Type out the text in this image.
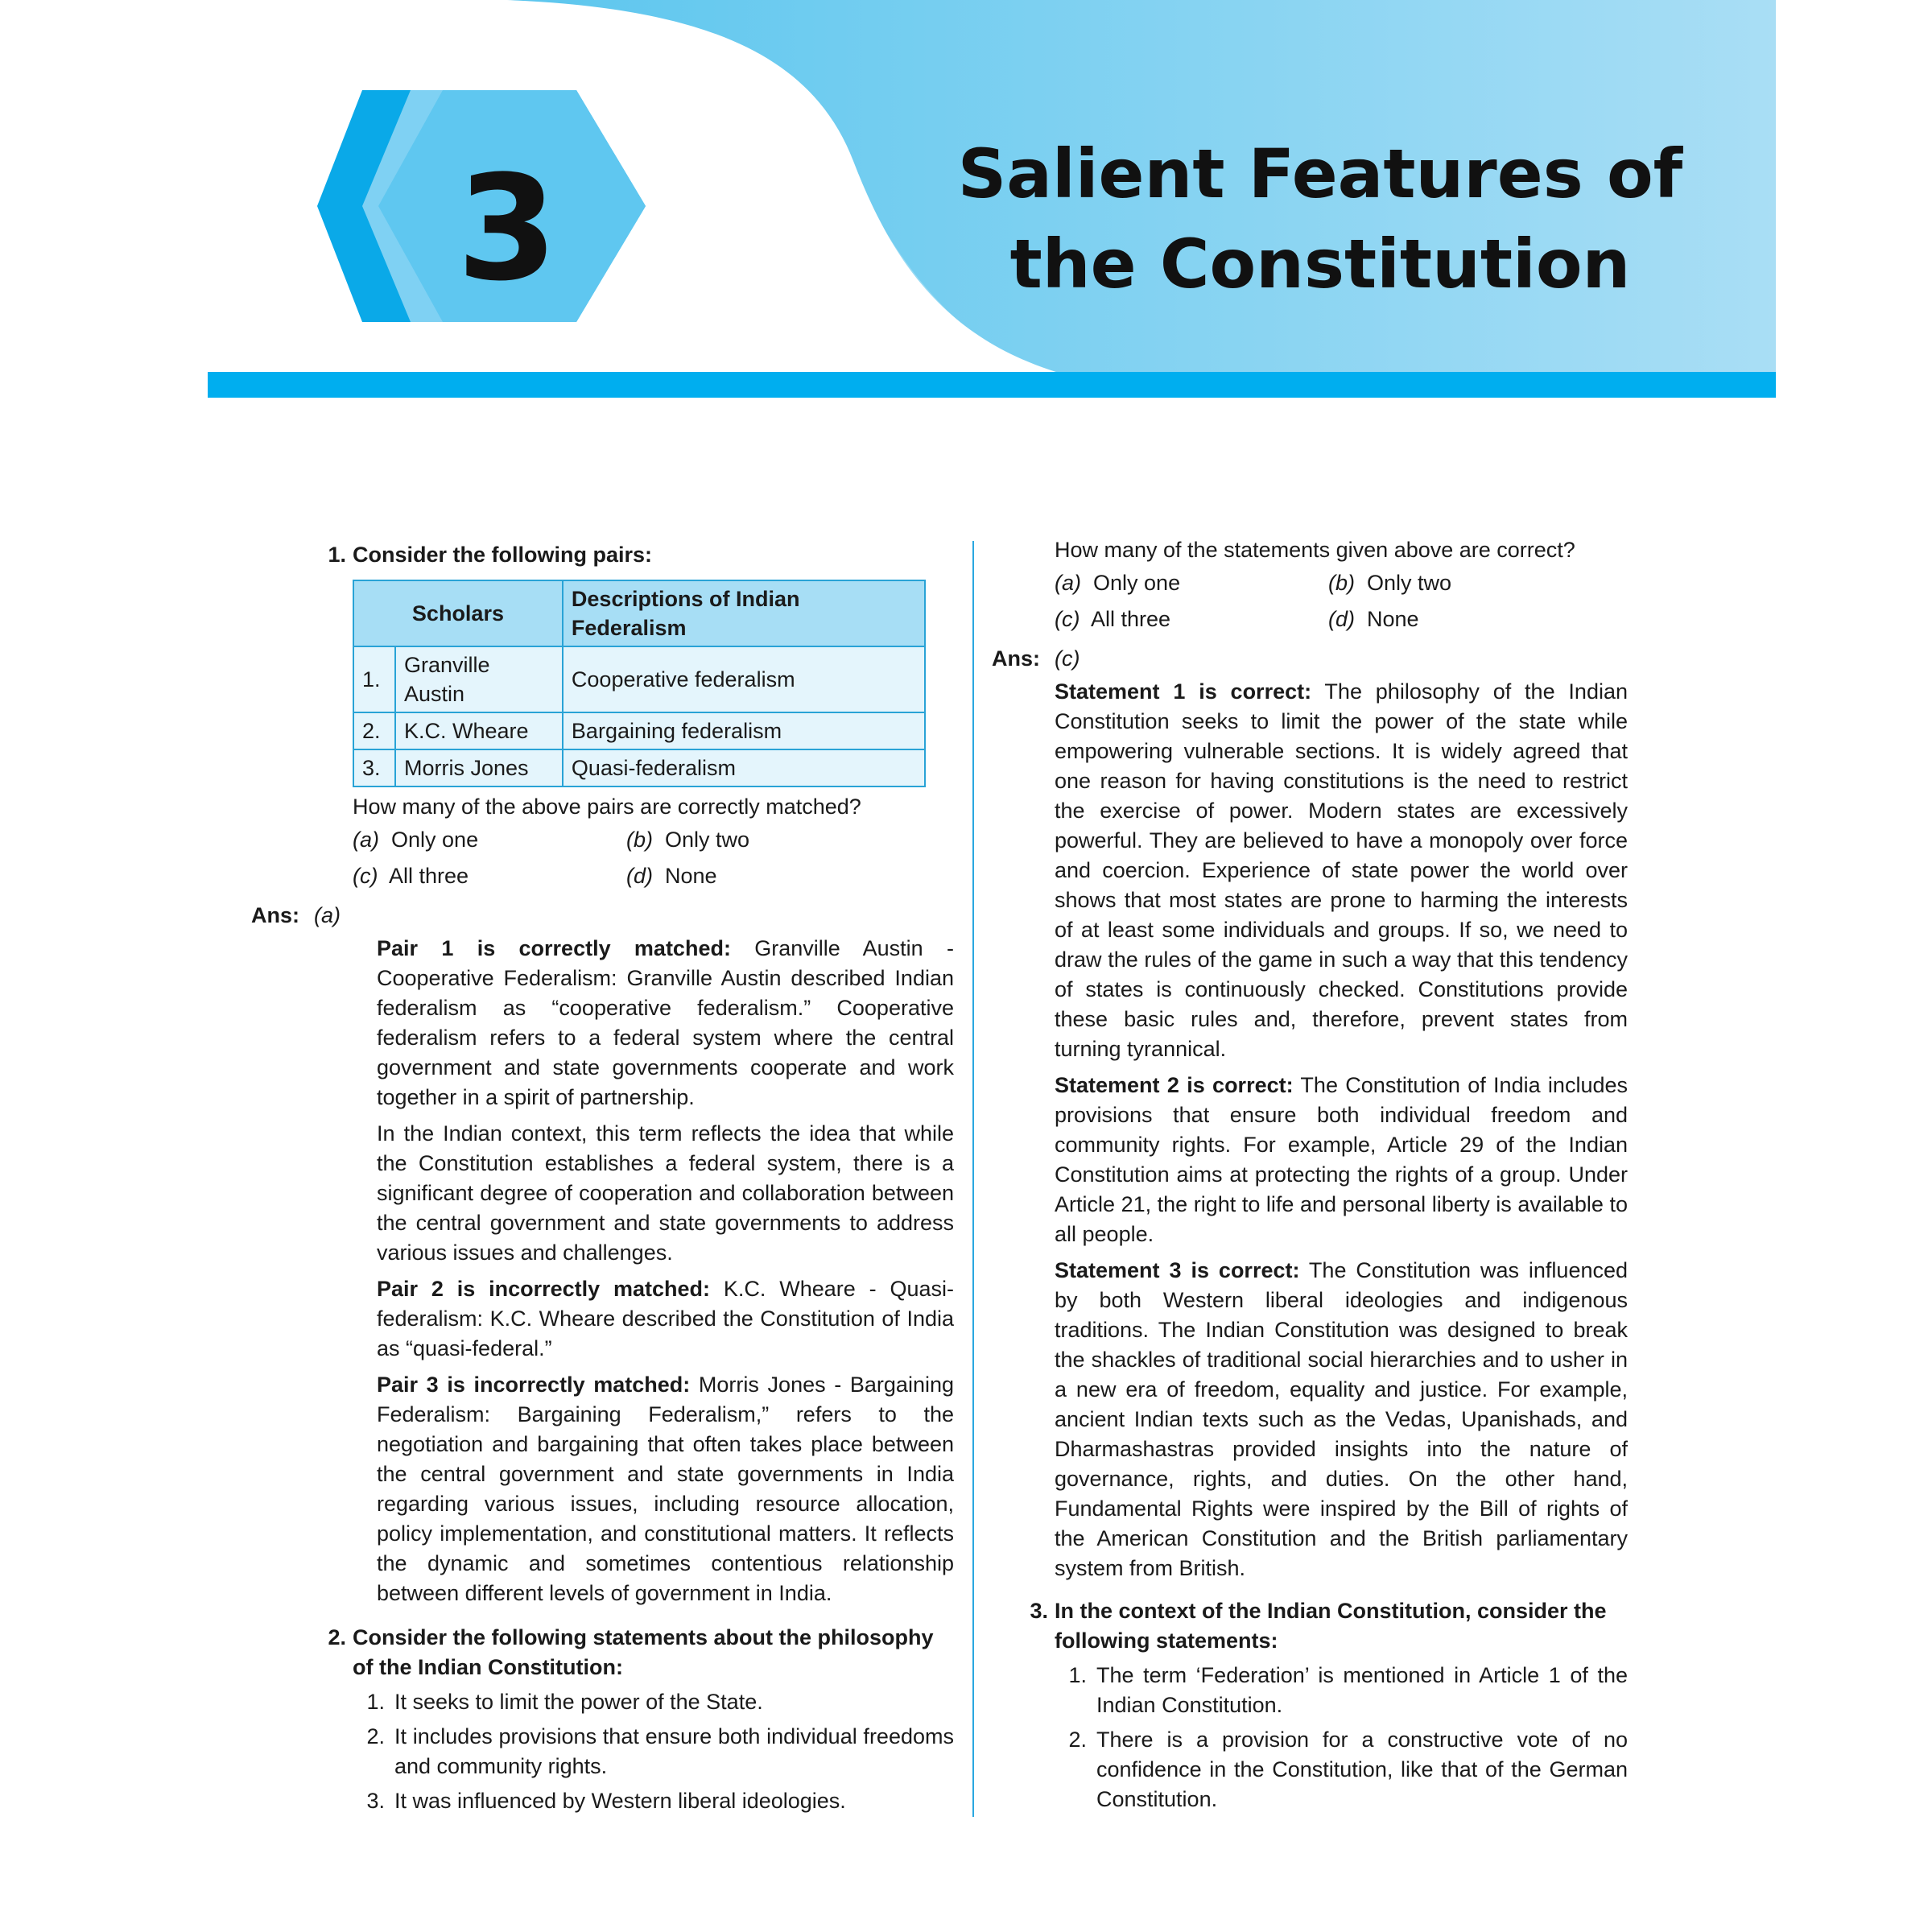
3	Salient Features of
the Constitution
Objective Questions for Practice
1. Consider the following pairs:
Scholars		Descriptions of Indian Federalism
1.	Granville Austin	Cooperative federalism
2.	K.C. Wheare	Bargaining federalism
3.	Morris Jones	Quasi-federalism
How many of the above pairs are correctly matched?
(a) Only one	(b) Only two
(c) All three	(d) None
Ans: (a)
Pair 1 is correctly matched: Granville Austin - Cooperative Federalism: Granville Austin described Indian federalism as “cooperative federalism.” Cooperative federalism refers to a federal system where the central government and state governments cooperate and work together in a spirit of partnership.
In the Indian context, this term reflects the idea that while the Constitution establishes a federal system, there is a significant degree of cooperation and collaboration between the central government and state governments to address various issues and challenges.
Pair 2 is incorrectly matched: K.C. Wheare - Quasi-federalism: K.C. Wheare described the Constitution of India as “quasi-federal.”
Pair 3 is incorrectly matched: Morris Jones - Bargaining Federalism: Bargaining Federalism,” refers to the negotiation and bargaining that often takes place between the central government and state governments in India regarding various issues, including resource allocation, policy implementation, and constitutional matters. It reflects the dynamic and sometimes contentious relationship between different levels of government in India.
2. Consider the following statements about the philosophy of the Indian Constitution:
1. It seeks to limit the power of the State.
2. It includes provisions that ensure both individual freedoms and community rights.
3. It was influenced by Western liberal ideologies.
How many of the statements given above are correct?
(a) Only one	(b) Only two
(c) All three	(d) None
Ans: (c)
Statement 1 is correct: The philosophy of the Indian Constitution seeks to limit the power of the state while empowering vulnerable sections. It is widely agreed that one reason for having constitutions is the need to restrict the exercise of power. Modern states are excessively powerful. They are believed to have a monopoly over force and coercion. Experience of state power the world over shows that most states are prone to harming the interests of at least some individuals and groups. If so, we need to draw the rules of the game in such a way that this tendency of states is continuously checked. Constitutions provide these basic rules and, therefore, prevent states from turning tyrannical.
Statement 2 is correct: The Constitution of India includes provisions that ensure both individual freedom and community rights. For example, Article 29 of the Indian Constitution aims at protecting the rights of a group. Under Article 21, the right to life and personal liberty is available to all people.
Statement 3 is correct: The Constitution was influenced by both Western liberal ideologies and indigenous traditions. The Indian Constitution was designed to break the shackles of traditional social hierarchies and to usher in a new era of freedom, equality and justice. For example, ancient Indian texts such as the Vedas, Upanishads, and Dharmashastras provided insights into the nature of governance, rights, and duties. On the other hand, Fundamental Rights were inspired by the Bill of rights of the American Constitution and the British parliamentary system from British.
3. In the context of the Indian Constitution, consider the following statements:
1. The term ‘Federation’ is mentioned in Article 1 of the Indian Constitution.
2. There is a provision for a constructive vote of no confidence in the Constitution, like that of the German Constitution.
